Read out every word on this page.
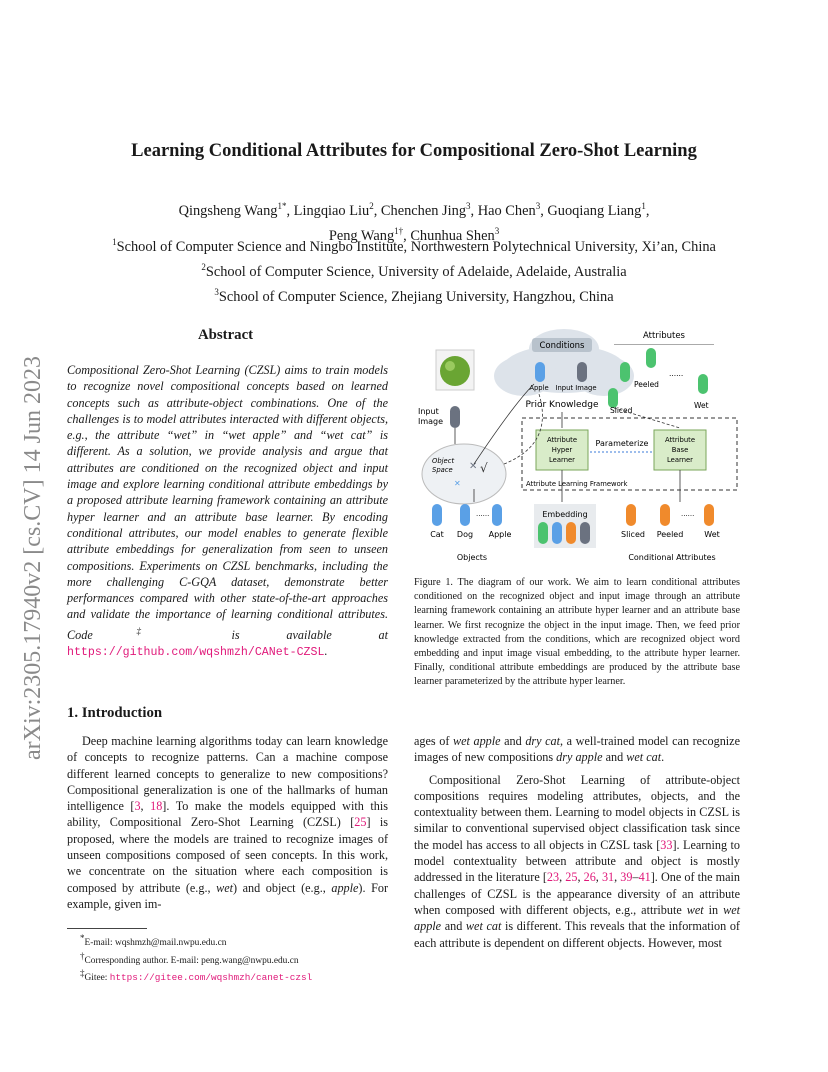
Learning Conditional Attributes for Compositional Zero-Shot Learning
Qingsheng Wang$^{1*}$, Lingqiao Liu$^2$, Chenchen Jing$^3$, Hao Chen$^3$, Guoqiang Liang$^1$,
Peng Wang$^{1\dagger}$, Chunhua Shen$^3$
$^1$School of Computer Science and Ningbo Institute, Northwestern Polytechnical University, Xi’an, China
$^2$School of Computer Science, University of Adelaide, Adelaide, Australia
$^3$School of Computer Science, Zhejiang University, Hangzhou, China
arXiv:2305.17940v2 [cs.CV] 14 Jun 2023
Abstract
Compositional Zero-Shot Learning (CZSL) aims to train models to recognize novel compositional concepts based on learned concepts such as attribute-object combinations. One of the challenges is to model attributes interacted with different objects, e.g., the attribute “wet” in “wet apple” and “wet cat” is different. As a solution, we provide analysis and argue that attributes are conditioned on the recognized object and input image and explore learning conditional attribute embeddings by a proposed attribute learning framework containing an attribute hyper learner and an attribute base learner. By encoding conditional attributes, our model enables to generate flexible attribute embeddings for generalization from seen to unseen compositions. Experiments on CZSL benchmarks, including the more challenging C-GQA dataset, demonstrate better performances compared with other state-of-the-art approaches and validate the importance of learning conditional attributes. Code‡ is available at https://github.com/wqshmzh/CANet-CZSL.
1. Introduction

Deep machine learning algorithms today can learn knowledge of concepts to recognize patterns. Can a machine compose different learned concepts to generalize to new compositions? Compositional generalization is one of the hallmarks of human intelligence [3, 18]. To make the models equipped with this ability, Compositional Zero-Shot Learning (CZSL) [25] is proposed, where the models are trained to recognize images of unseen compositions composed of seen concepts. In this work, we concentrate on the situation where each composition is composed by attribute (e.g., wet) and object (e.g., apple). For example, given im-

*E-mail: wqshmzh@mail.nwpu.edu.cn
†Corresponding author. E-mail: peng.wang@nwpu.edu.cn
‡Gitee: https://gitee.com/wqshmzh/canet-czsl
Conditions
Apple Input Image
Prior Knowledge
Input
Image
Object
Space ✕ √
✕
Attributes
Peeled
......
Wet
Sliced
Attribute
Hyper
Learner
Parameterize Attribute
Base
Learner
Attribute Learning Framework
Embedding
......
Cat Dog Apple
Objects
......
Sliced Peeled	Wet
Conditional Attributes
Figure 1. The diagram of our work. We aim to learn conditional attributes conditioned on the recognized object and input image through an attribute learning framework containing an attribute hyper learner and an attribute base learner. We first recognize the object in the input image. Then, we feed prior knowledge extracted from the conditions, which are recognized object word embedding and input image visual embedding, to the attribute hyper learner. Finally, conditional attribute embeddings are produced by the attribute base learner parameterized by the attribute hyper learner.

ages of wet apple and dry cat, a well-trained model can recognize images of new compositions dry apple and wet cat.

Compositional Zero-Shot Learning of attribute-object compositions requires modeling attributes, objects, and the contextuality between them. Learning to model objects in CZSL is similar to conventional supervised object classification task since the model has access to all objects in CZSL task [33]. Learning to model contextuality between attribute and object is mostly addressed in the literature [23, 25, 26, 31, 39–41]. One of the main challenges of CZSL is the appearance diversity of an attribute when composed with different objects, e.g., attribute wet in wet apple and wet cat is different. This reveals that the information of each attribute is dependent on different objects. However, most
